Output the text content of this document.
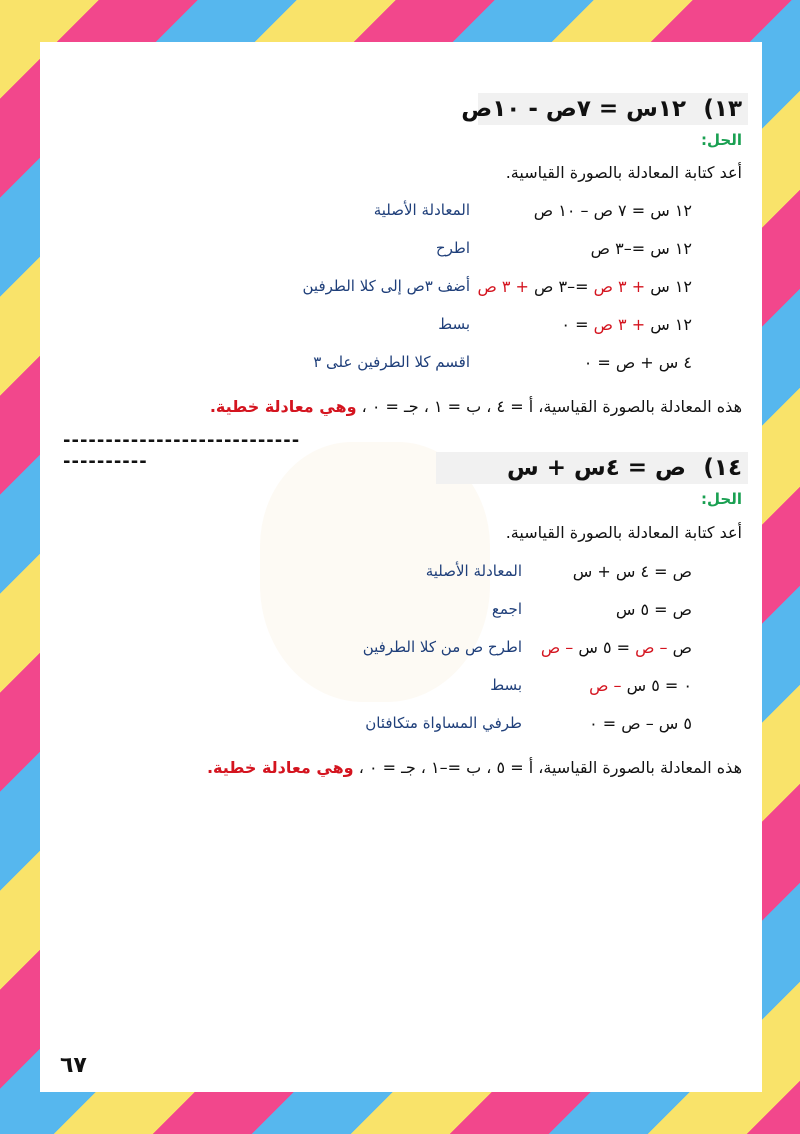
١٣)
١٢س = ٧ص - ١٠ص
الحل:
أعد كتابة المعادلة بالصورة القياسية.
١٢ س = ٧ ص – ١٠ ص
المعادلة الأصلية
١٢ س =–٣ ص
اطرح
١٢ س + ٣ ص =–٣ ص + ٣ ص
أضف ٣ص إلى كلا الطرفين
١٢ س + ٣ ص = ٠
بسط
٤ س + ص = ٠
اقسم كلا الطرفين على ٣
هذه المعادلة بالصورة القياسية، أ = ٤ ، ب = ١ ، جـ = ٠ ، وهي معادلة خطية.
--------------------------------------	١٤)
ص = ٤س + س
الحل:
أعد كتابة المعادلة بالصورة القياسية.
ص = ٤ س + س
المعادلة الأصلية
ص = ٥ س
اجمع
ص – ص = ٥ س – ص
اطرح ص من كلا الطرفين
٠ = ٥ س – ص
بسط
٥ س – ص = ٠
طرفي المساواة متكافئان
هذه المعادلة بالصورة القياسية، أ = ٥ ، ب =–١ ، جـ = ٠ ، وهي معادلة خطية.
٦٧
